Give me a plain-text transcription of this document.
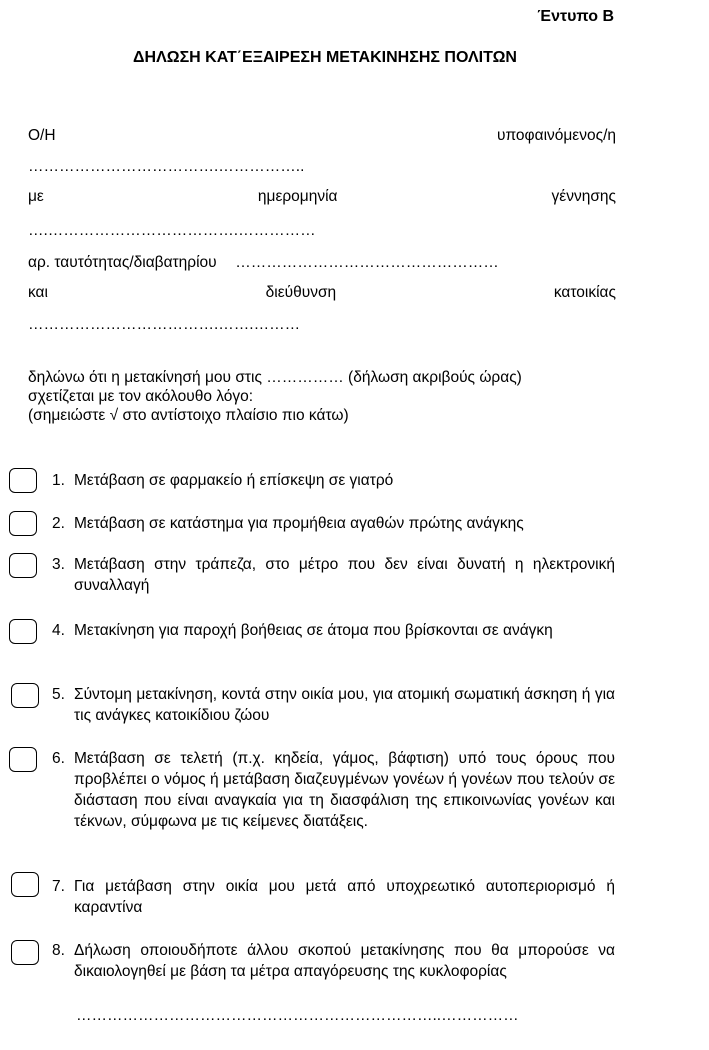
Έντυπο Β
ΔΗΛΩΣΗ ΚΑΤ΄ΕΞΑΙΡΕΣΗ ΜΕΤΑΚΙΝΗΣΗΣ ΠΟΛΙΤΩΝ
Ο/Η	υποφαινόμενος/η
……………………………….……………..
με	ημερομηνία	γέννησης
….……………………………….……………
αρ. ταυτότητας/διαβατηρίου ……………………………………………
και	διεύθυνση	κατοικίας
……………………………….…….………
δηλώνω ότι η μετακίνησή μου στις …………… (δήλωση ακριβούς ώρας)
σχετίζεται με τον ακόλουθο λόγο:
(σημειώστε √ στο αντίστοιχο πλαίσιο πιο κάτω)
1. Μετάβαση σε φαρμακείο ή επίσκεψη σε γιατρό
2. Μετάβαση σε κατάστημα για προμήθεια αγαθών πρώτης ανάγκης
3. Μετάβαση στην τράπεζα, στο μέτρο που δεν είναι δυνατή η ηλεκτρονική συναλλαγή
4. Μετακίνηση για παροχή βοήθειας σε άτομα που βρίσκονται σε ανάγκη
5. Σύντομη μετακίνηση, κοντά στην οικία μου, για ατομική σωματική άσκηση ή για τις ανάγκες κατοικίδιου ζώου
6. Μετάβαση σε τελετή (π.χ. κηδεία, γάμος, βάφτιση) υπό τους όρους που προβλέπει ο νόμος ή μετάβαση διαζευγμένων γονέων ή γονέων που τελούν σε διάσταση που είναι αναγκαία για τη διασφάλιση της επικοινωνίας γονέων και τέκνων, σύμφωνα με τις κείμενες διατάξεις.
7. Για μετάβαση στην οικία μου μετά από υποχρεωτικό αυτοπεριορισμό ή καραντίνα
8. Δήλωση οποιουδήποτε άλλου σκοπού μετακίνησης που θα μπορούσε να δικαιολογηθεί με βάση τα μέτρα απαγόρευσης της κυκλοφορίας
……………………………………………………………..……………
